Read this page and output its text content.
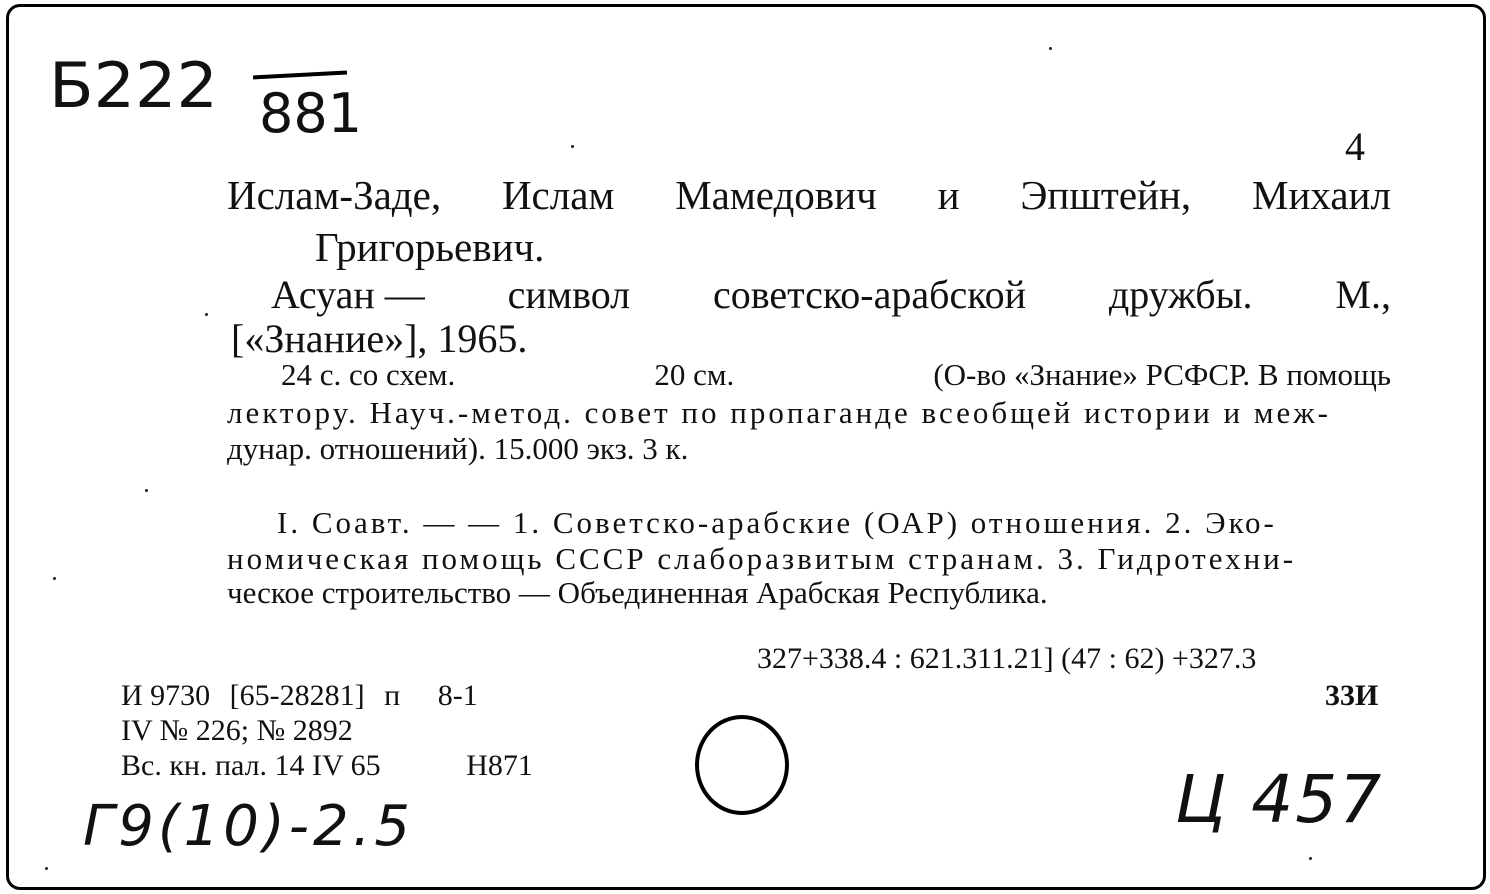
Б222 881
4
Ислам-Заде, Ислам Мамедович и Эпштейн, Михаил
Григорьевич.
Асуан — символ советско-арабской дружбы. М.,
[«Знание»], 1965.
24 с. со схем.	20 см.	(О-во «Знание» РСФСР. В помощь
лектору. Науч.-метод. совет по пропаганде всеобщей истории и меж-
дунар. отношений). 15.000 экз. 3 к.
I. Соавт. — — 1. Советско-арабские (ОАР) отношения. 2. Эко-
номическая помощь СССР слаборазвитым странам. 3. Гидротехни-
ческое строительство — Объединенная Арабская Республика.
327+338.4 : 621.311.21] (47 : 62) +327.3
33И
И 9730 [65-28281] п 8-1
IV № 226; № 2892
Вс. кн. пал. 14 IV 65	Н871
Г9(10)-2.5	Ц 457
